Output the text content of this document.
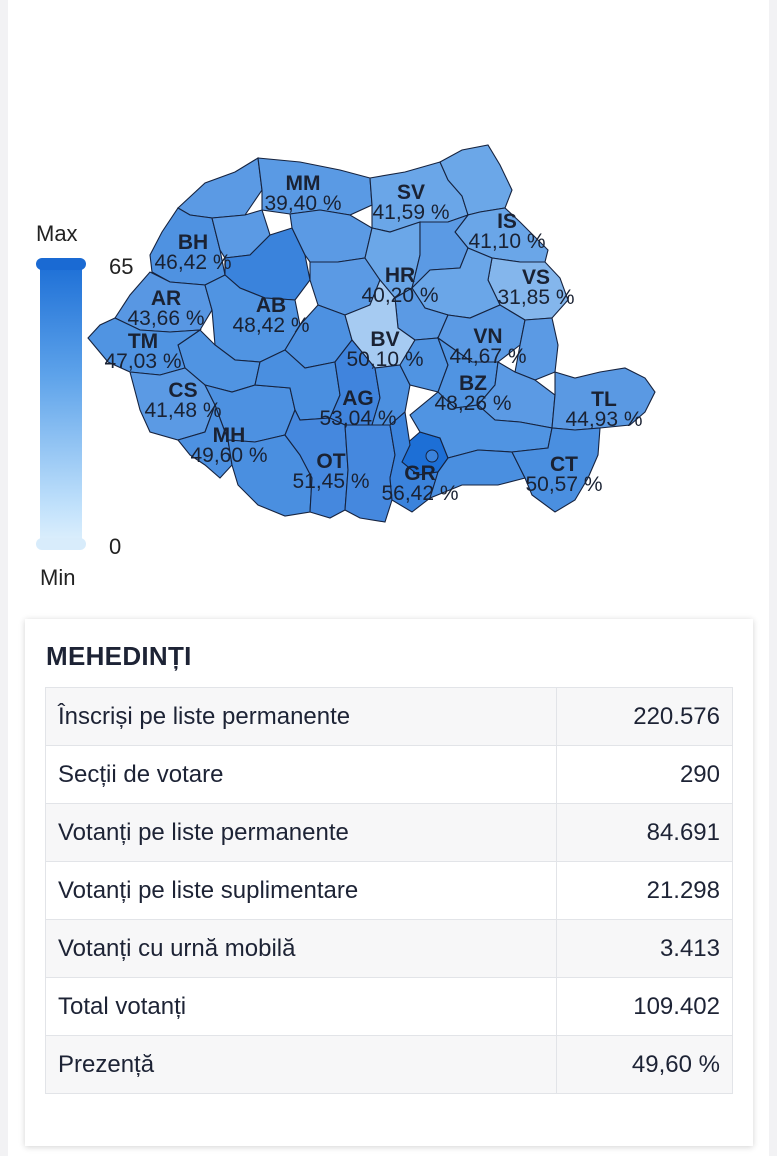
Max
65
0
Min
MM
39,40 %	SV
41,59 % IS
41,10 %
BH
46,42 %
HR
40,20 %
VS
31,85 %
AR
43,66 %
AB
48,42 %
TM
47,03 %
BV
50,10 %
VN
44,67 %
CS
41,48 %
BZ
48,26 %
AG
53,04 %
TL
44,93 %
MH
49,60 % OT
51,45 % GR
56,42 %
CT
50,57 %
MEHEDINȚI
Înscriși pe liste permanente	220.576
Secții de votare	290
Votanți pe liste permanente	84.691
Votanți pe liste suplimentare	21.298
Votanți cu urnă mobilă	3.413
Total votanți	109.402
Prezență	49,60 %
